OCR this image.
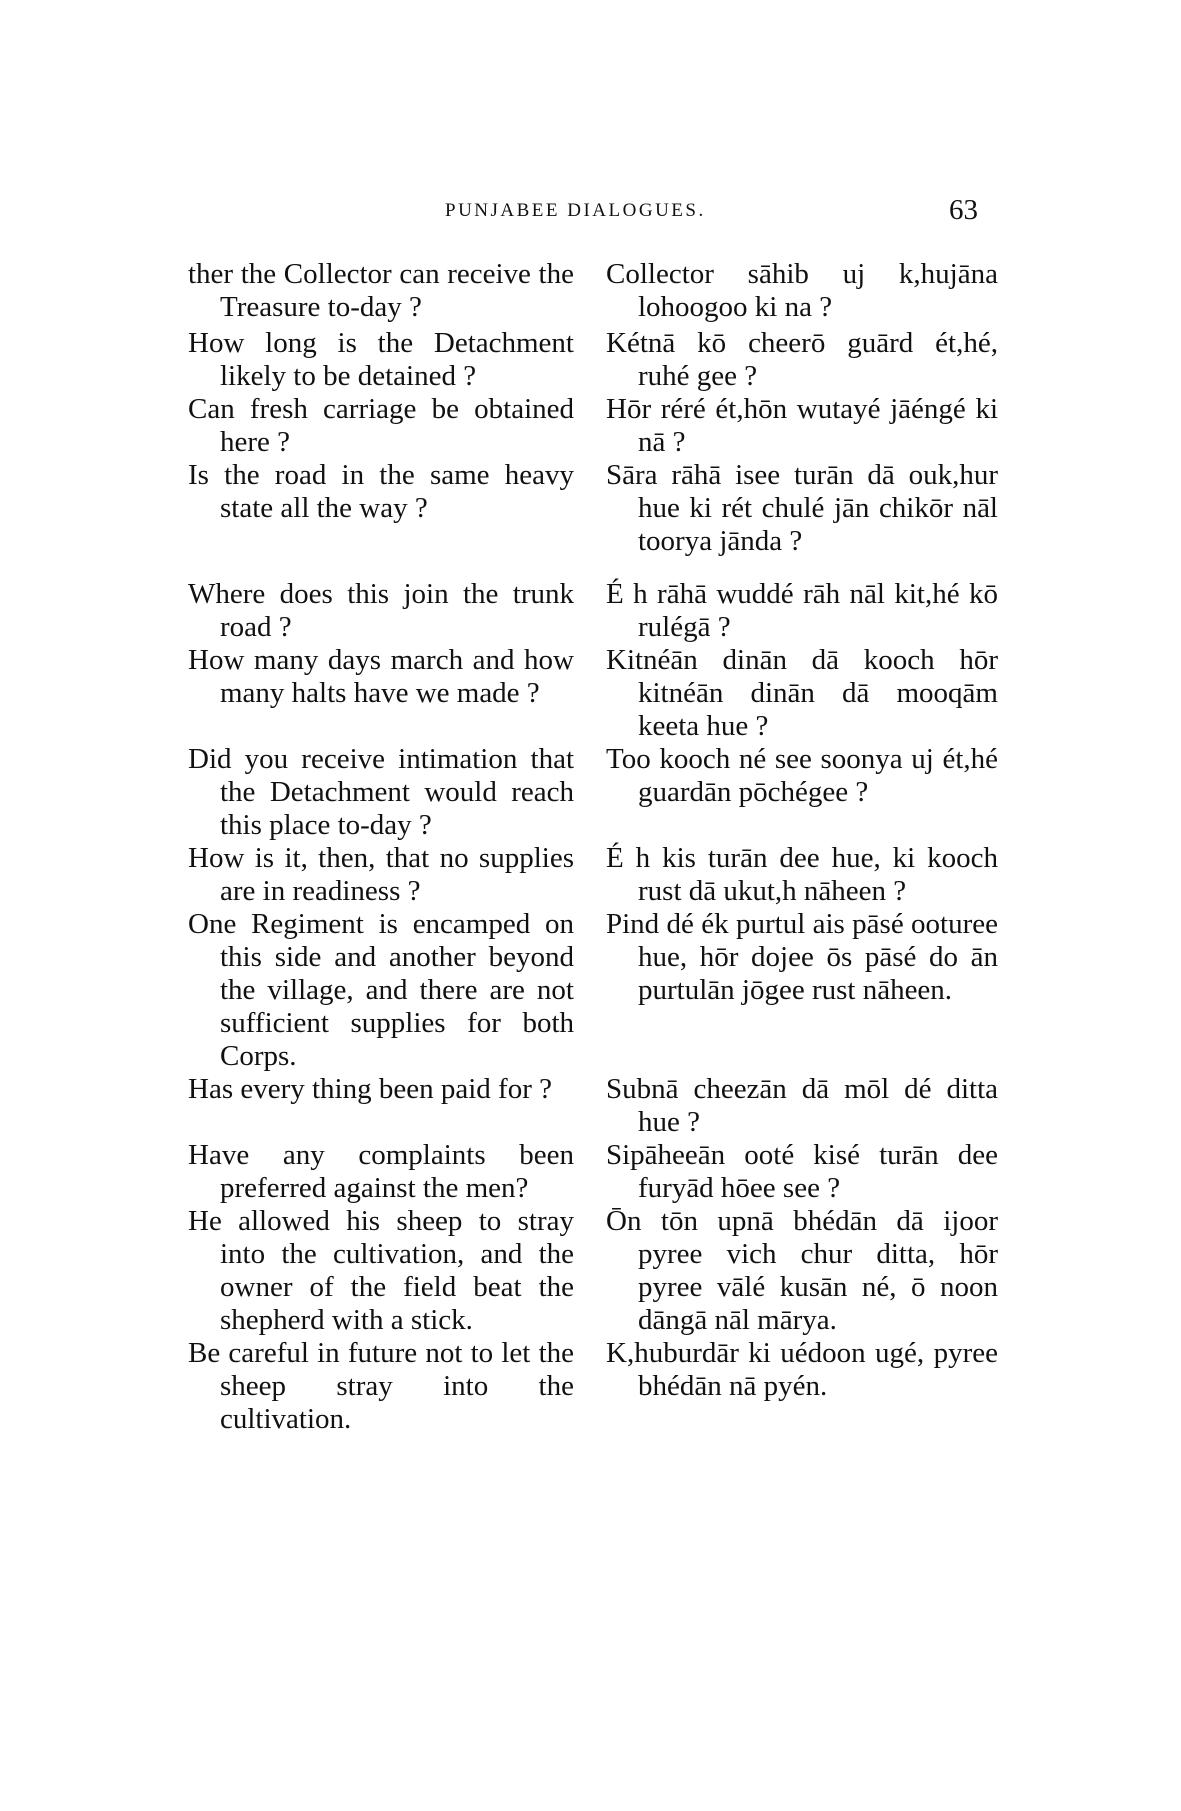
PUNJABEE DIALOGUES.	63
ther the Collector can receive the Treasure to-day ?
Collector sāhib uj k,hujāna lohoogoo ki na ?
How long is the Detachment likely to be detained ?
Kétnā kō cheerō guārd ét,hé, ruhé gee ?
Can fresh carriage be obtained here ?
Hōr réré ét,hōn wutayé jāéngé ki nā ?
Is the road in the same heavy state all the way ?
Sāra rāhā isee turān dā ouk,hur hue ki rét chulé jān chikōr nāl toorya jānda ?
Where does this join the trunk road ?
É h rāhā wuddé rāh nāl kit,hé kō rulégā ?
How many days march and how many halts have we made ?
Kitnéān dinān dā kooch hōr kitnéān dinān dā mooqām keeta hue ?
Did you receive intimation that the Detachment would reach this place to-day ?
Too kooch né see soonya uj ét,hé guardān pōchégee ?
How is it, then, that no supplies are in readiness ?
É h kis turān dee hue, ki kooch rust dā ukut,h nāheen ?
One Regiment is encamped on this side and another beyond the village, and there are not sufficient supplies for both Corps.
Pind dé ék purtul ais pāsé ooturee hue, hōr dojee ōs pāsé do ān purtulān jōgee rust nāheen.
Has every thing been paid for ?	Subnā cheezān dā mōl dé ditta hue ?
Have any complaints been preferred against the men?
Sipāheeān ooté kisé turān dee furyād hōee see ?
He allowed his sheep to stray into the cultivation, and the owner of the field beat the shepherd with a stick.
Ōn tōn upnā bhédān dā ijoor pyree vich chur ditta, hōr pyree vālé kusān né, ō noon dāngā nāl mārya.
Be careful in future not to let the sheep stray into the cultivation.
K,huburdār ki uédoon ugé, pyree bhédān nā pyén.
